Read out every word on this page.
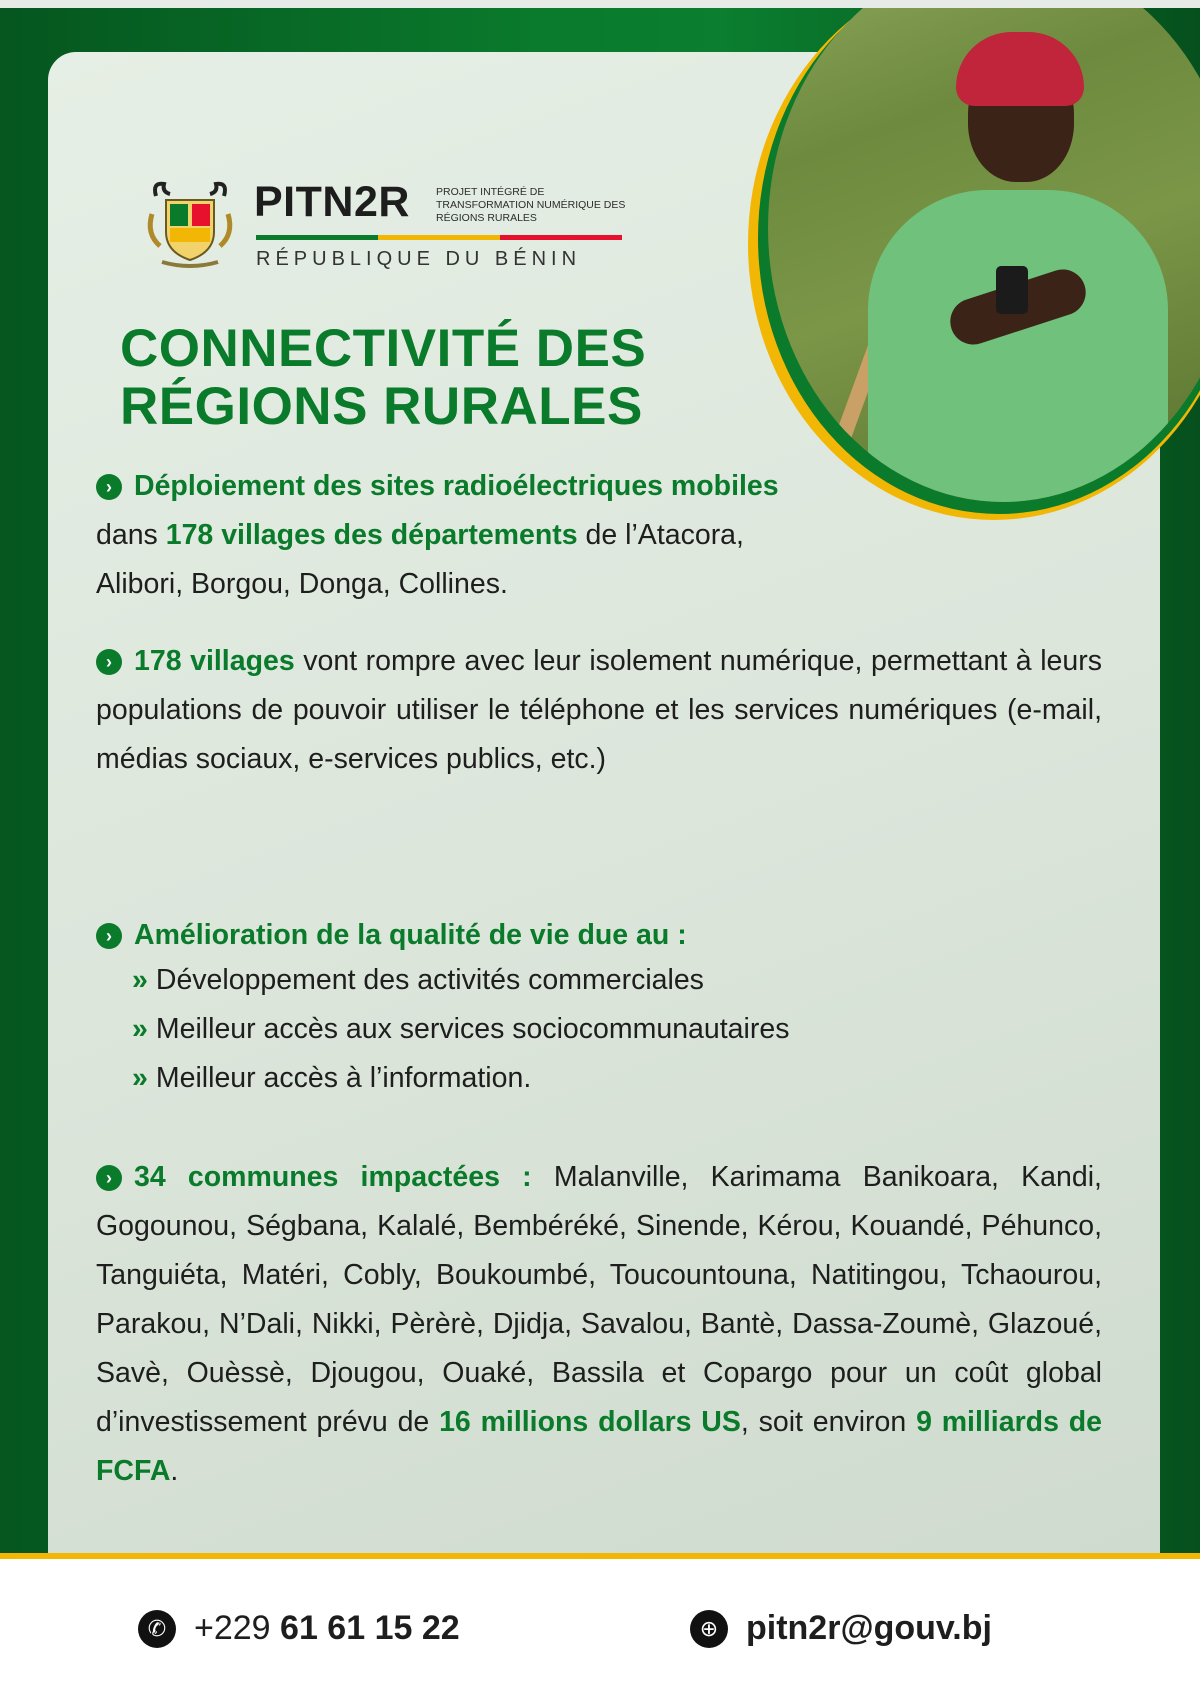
PITN2R PROJET INTÉGRÉ DE TRANSFORMATION NUMÉRIQUE DES RÉGIONS RURALES
RÉPUBLIQUE DU BÉNIN
CONNECTIVITÉ DES
RÉGIONS RURALES

› Déploiement des sites radioélectriques mobiles dans 178 villages des départements de l’Atacora, Alibori, Borgou, Donga, Collines.

› 178 villages vont rompre avec leur isolement numérique, permettant à leurs populations de pouvoir utiliser le téléphone et les services numériques (e-mail, médias sociaux, e-services publics, etc.)

› Amélioration de la qualité de vie due au :

» Développement des activités commerciales
» Meilleur accès aux services sociocommunautaires
» Meilleur accès à l’information.

› 34 communes impactées : Malanville, Karimama Banikoara, Kandi, Gogounou, Ségbana, Kalalé, Bembéréké, Sinende, Kérou, Kouandé, Péhunco, Tanguiéta, Matéri, Cobly, Boukoumbé, Toucountouna, Natitingou, Tchaourou, Parakou, N’Dali, Nikki, Pèrèrè, Djidja, Savalou, Bantè, Dassa-Zoumè, Glazoué, Savè, Ouèssè, Djougou, Ouaké, Bassila et Copargo pour un coût global d’investissement prévu de 16 millions dollars US, soit environ 9 milliards de FCFA.

✆ +229
61 61 15 22	⊕ pitn2r@gouv.bj
